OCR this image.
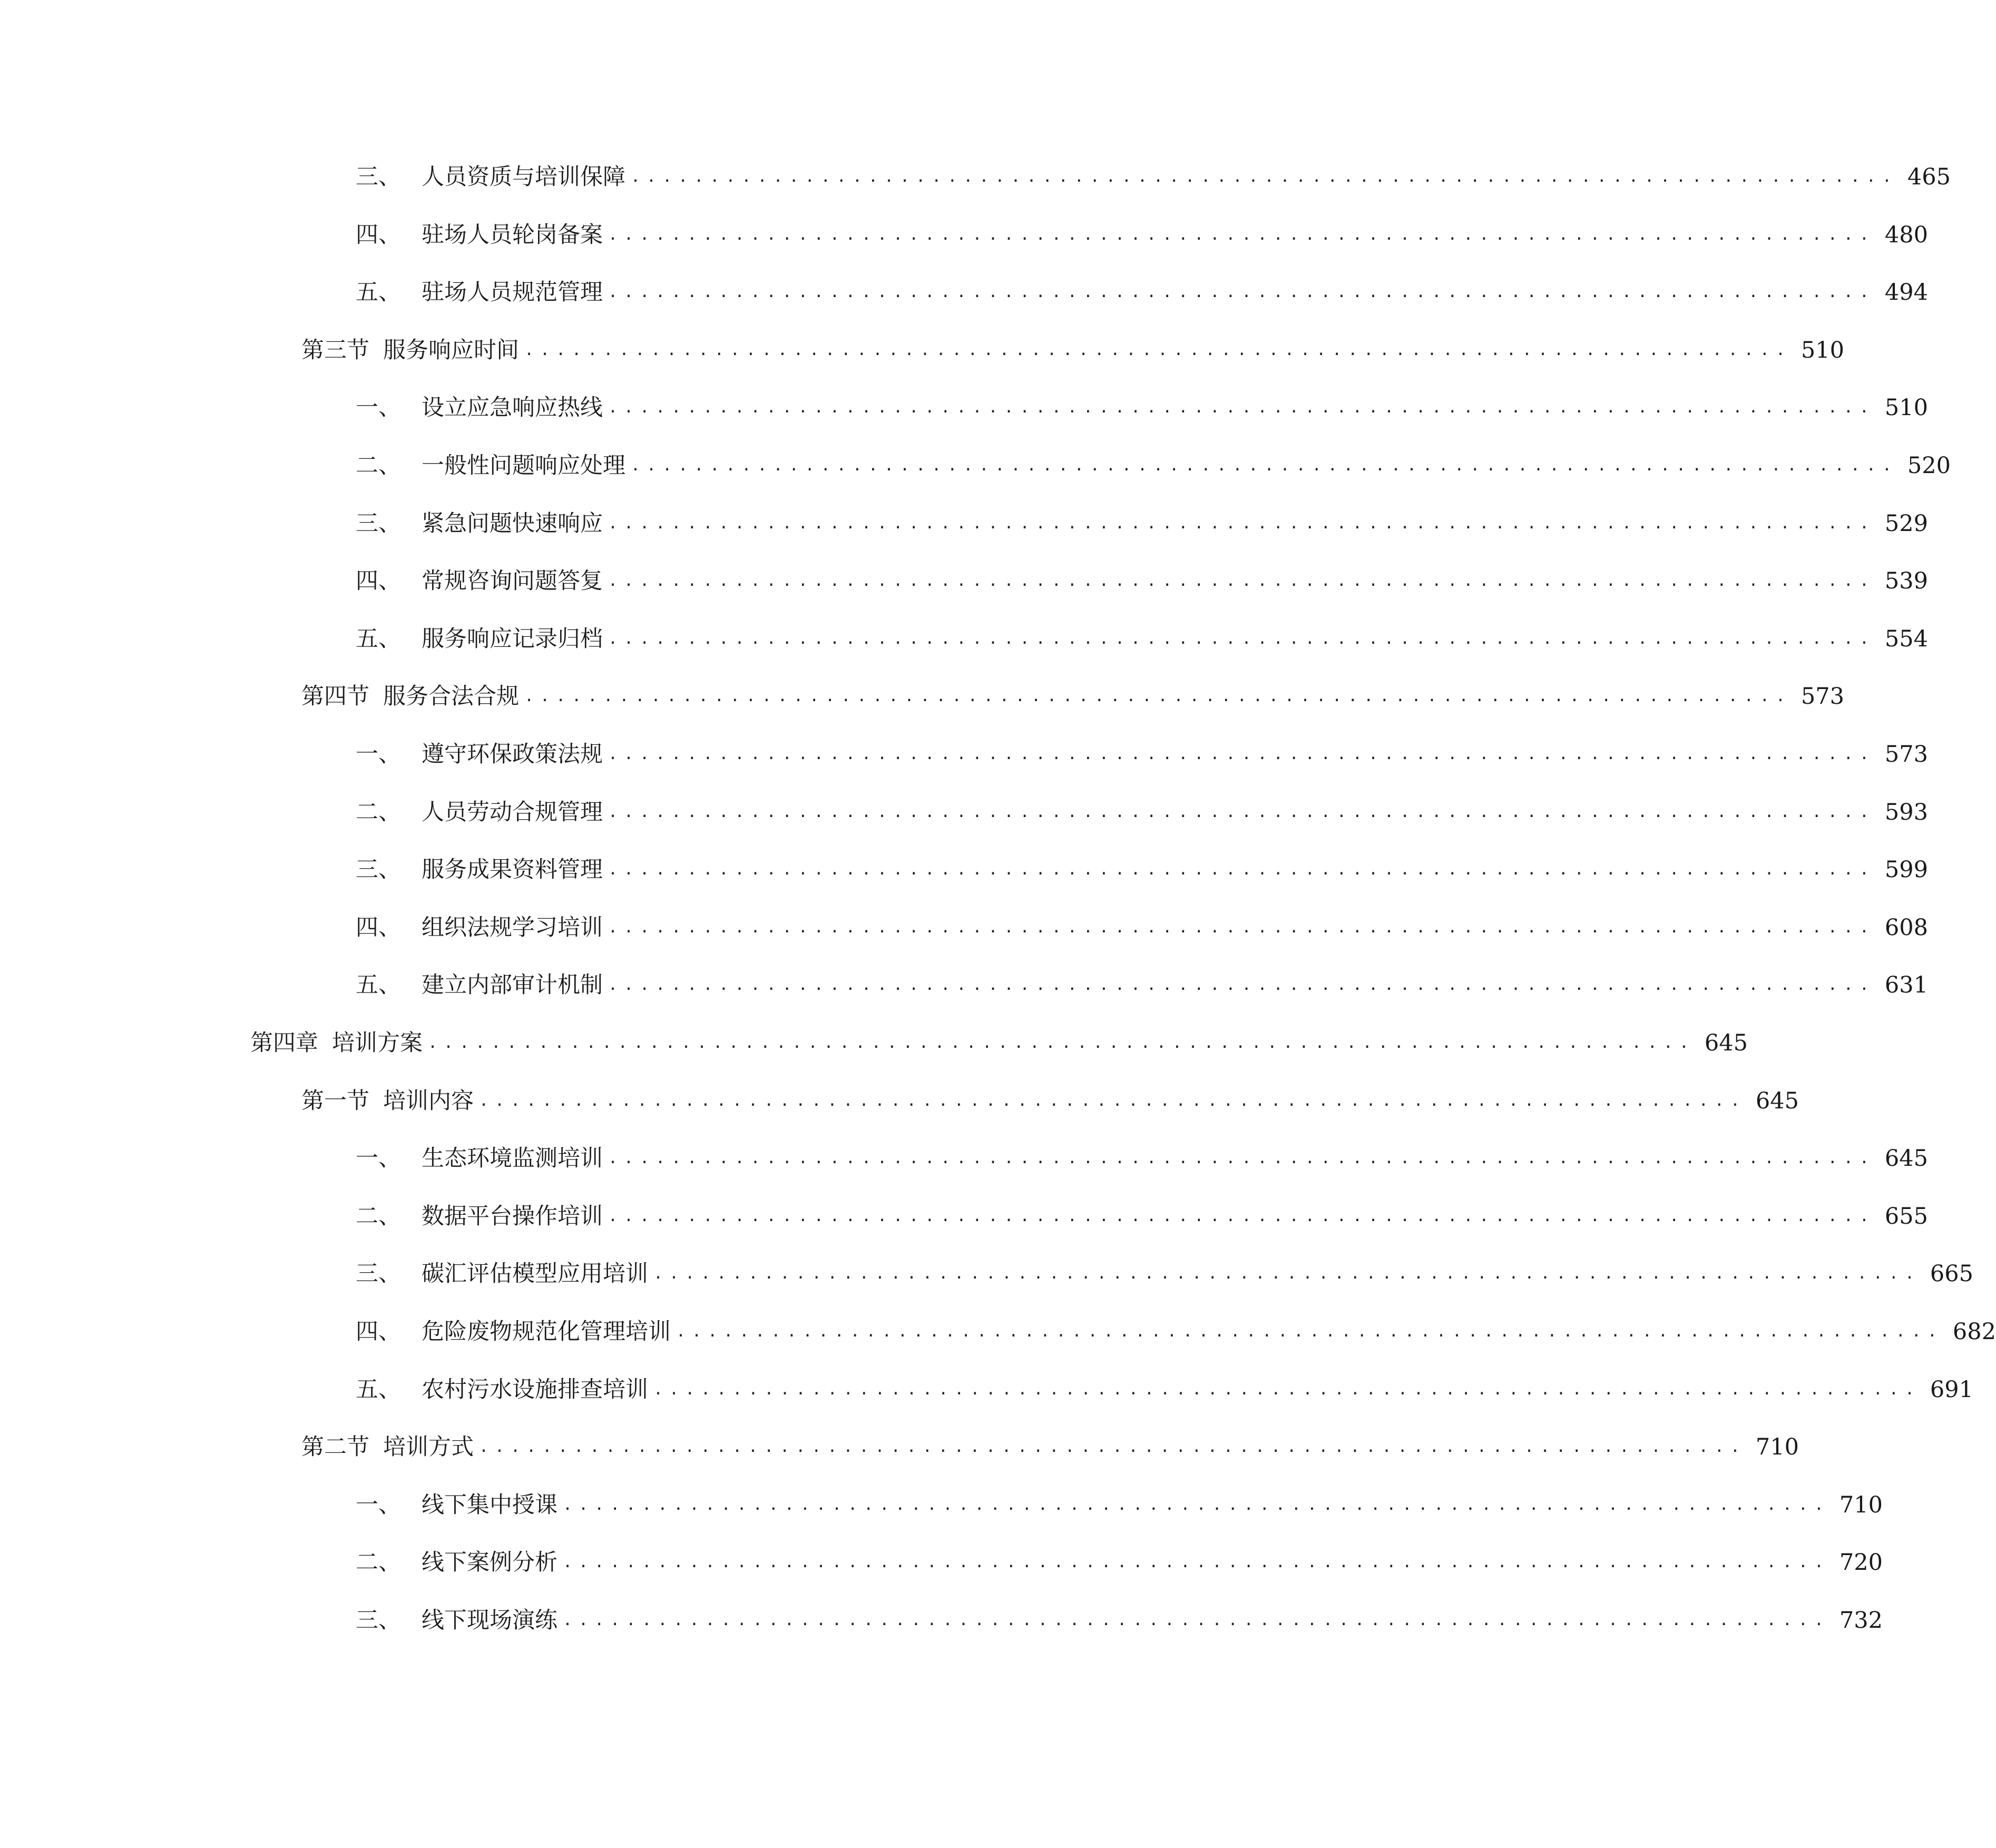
三、 人员资质与培训保障 ................................................................................ 465
四、 驻场人员轮岗备案 ................................................................................ 480
五、 驻场人员规范管理 ................................................................................ 494
第三节 服务响应时间 ................................................................................ 510
一、 设立应急响应热线 ................................................................................ 510
二、 一般性问题响应处理 ................................................................................ 520
三、 紧急问题快速响应 ................................................................................ 529
四、 常规咨询问题答复 ................................................................................ 539
五、 服务响应记录归档 ................................................................................ 554
第四节 服务合法合规 ................................................................................ 573
一、 遵守环保政策法规 ................................................................................ 573
二、 人员劳动合规管理 ................................................................................ 593
三、 服务成果资料管理 ................................................................................ 599
四、 组织法规学习培训 ................................................................................ 608
五、 建立内部审计机制 ................................................................................ 631
第四章 培训方案 ................................................................................ 645
第一节 培训内容 ................................................................................ 645
一、 生态环境监测培训 ................................................................................ 645
二、 数据平台操作培训 ................................................................................ 655
三、 碳汇评估模型应用培训 ................................................................................ 665
四、 危险废物规范化管理培训 ................................................................................ 682
五、 农村污水设施排查培训 ................................................................................ 691
第二节 培训方式 ................................................................................ 710
一、 线下集中授课 ................................................................................ 710
二、 线下案例分析 ................................................................................ 720
三、 线下现场演练 ................................................................................ 732
